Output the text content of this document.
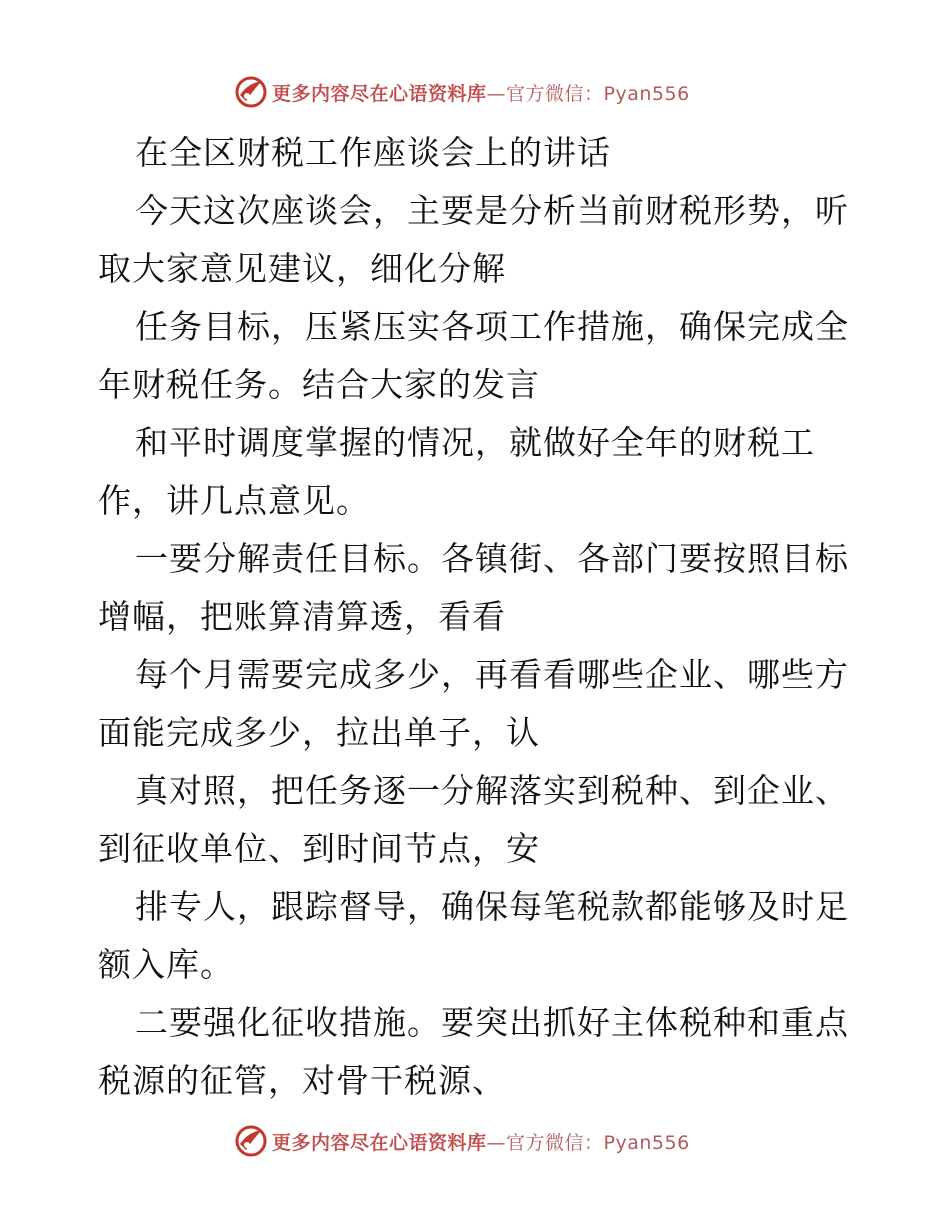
更多内容尽在心语资料库 —官方微信：Pyan556
在全区财税工作座谈会上的讲话
今天这次座谈会，主要是分析当前财税形势，听
取大家意见建议，细化分解
任务目标，压紧压实各项工作措施，确保完成全
年财税任务。结合大家的发言
和平时调度掌握的情况，就做好全年的财税工
作，讲几点意见。
一要分解责任目标。各镇街、各部门要按照目标
增幅，把账算清算透，看看
每个月需要完成多少，再看看哪些企业、哪些方
面能完成多少，拉出单子，认
真对照，把任务逐一分解落实到税种、到企业、
到征收单位、到时间节点，安
排专人，跟踪督导，确保每笔税款都能够及时足
额入库。
二要强化征收措施。要突出抓好主体税种和重点
税源的征管，对骨干税源、
更多内容尽在心语资料库 —官方微信：Pyan556
